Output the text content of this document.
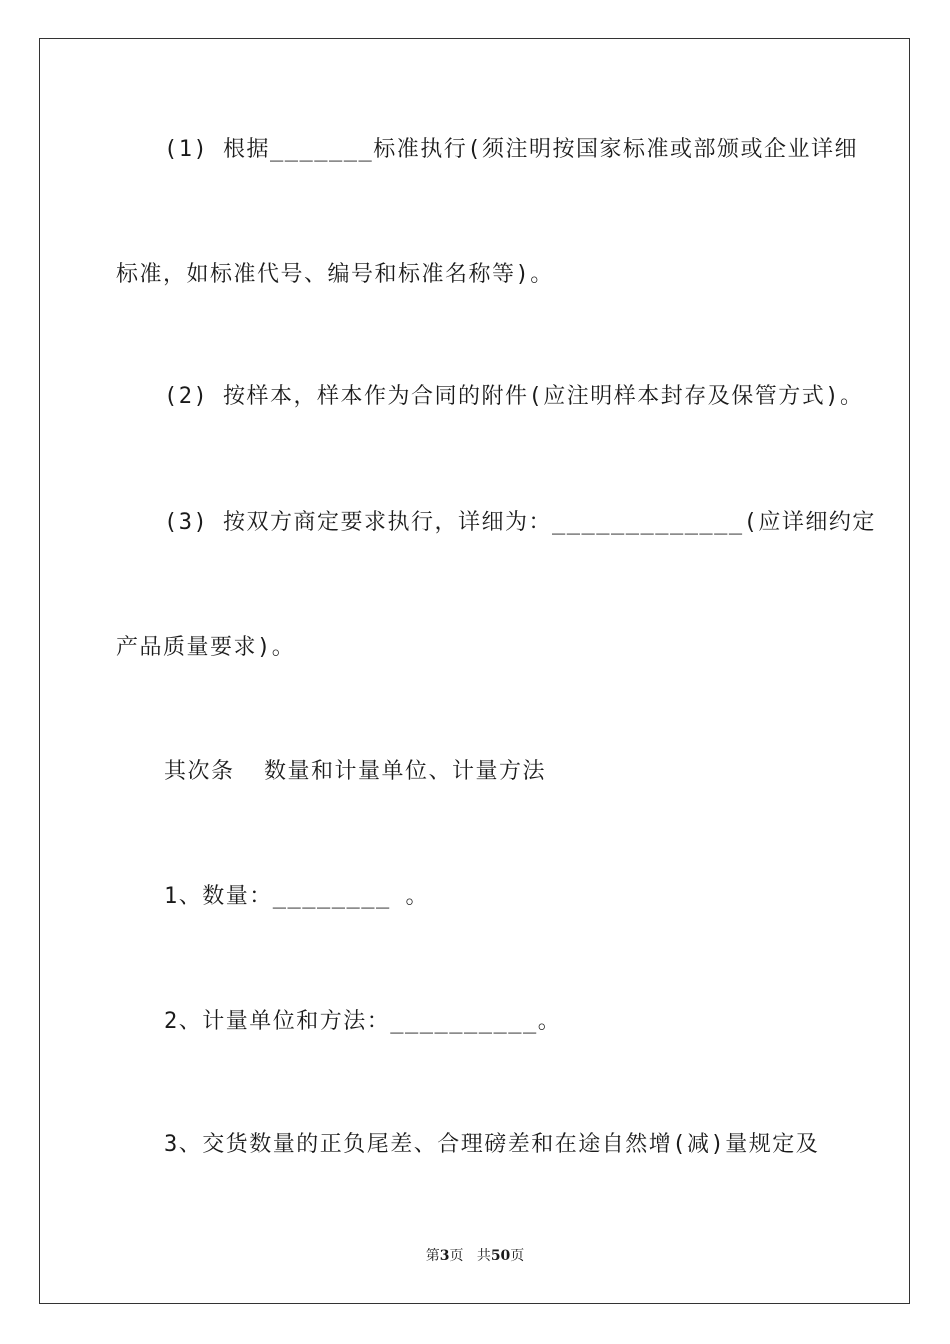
(1) 根据_______标准执行(须注明按国家标准或部颁或企业详细
标准，如标准代号、编号和标准名称等)。
(2) 按样本，样本作为合同的附件(应注明样本封存及保管方式)。
(3) 按双方商定要求执行，详细为：_____________(应详细约定
产品质量要求)。
其次条  数量和计量单位、计量方法
1、数量：________ 。
2、计量单位和方法：__________。
3、交货数量的正负尾差、合理磅差和在途自然增(减)量规定及
第3页 共50页
